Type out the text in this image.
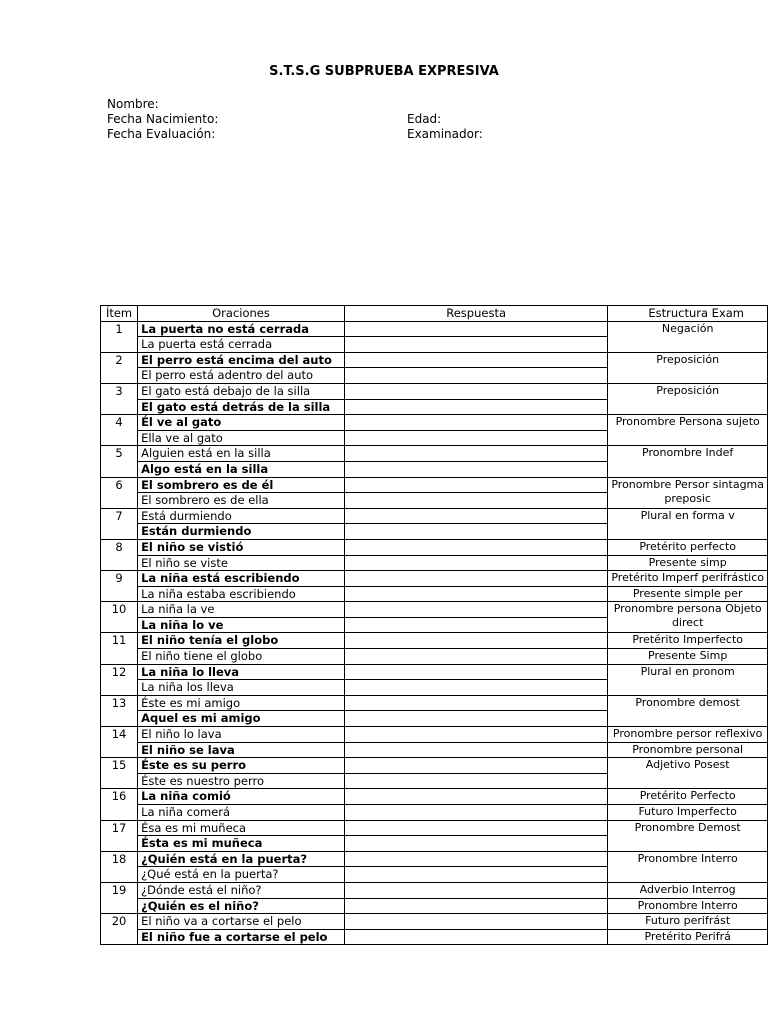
S.T.S.G SUBPRUEBA EXPRESIVA
Nombre:
Fecha Nacimiento:
Fecha Evaluación:
Edad:
Examinador:
Ítem	Oraciones	Respuesta	Estructura Exam
1	La puerta no está cerrada		Negación
	La puerta está cerrada		
2	El perro está encima del auto		Preposición
	El perro está adentro del auto		
3	El gato está debajo de la silla		Preposición
	El gato está detrás de la silla		
4	Él ve al gato		Pronombre Persona sujeto
	Ella ve al gato		
5	Alguien está en la silla		Pronombre Indef
	Algo está en la silla		
6	El sombrero es de él		Pronombre Persor sintagma preposic
	El sombrero es de ella		
7	Está durmiendo		Plural en forma v
	Están durmiendo		
8	El niño se vistió		Pretérito perfecto
	El niño se viste		Presente simp
9	La niña está escribiendo		Pretérito Imperf perifrástico
	La niña estaba escribiendo		Presente simple per
10	La niña la ve		Pronombre persona Objeto direct
	La niña lo ve		
11	El niño tenía el globo		Pretérito Imperfecto
	El niño tiene el globo		Presente Simp
12	La niña lo lleva		Plural en pronom
	La niña los lleva		
13	Éste es mi amigo		Pronombre demost
	Aquel es mi amigo		
14	El niño lo lava		Pronombre persor reflexivo
	El niño se lava		Pronombre personal
15	Éste es su perro		Adjetivo Posest
	Éste es nuestro perro		
16	La niña comió		Pretérito Perfecto
	La niña comerá		Futuro Imperfecto
17	Ésa es mi muñeca		Pronombre Demost
	Ésta es mi muñeca		
18	¿Quién está en la puerta?		Pronombre Interro
	¿Qué está en la puerta?		
19	¿Dónde está el niño?		Adverbio Interrog
	¿Quién es el niño?		Pronombre Interro
20	El niño va a cortarse el pelo		Futuro perifrást
	El niño fue a cortarse el pelo		Pretérito Perifrá
